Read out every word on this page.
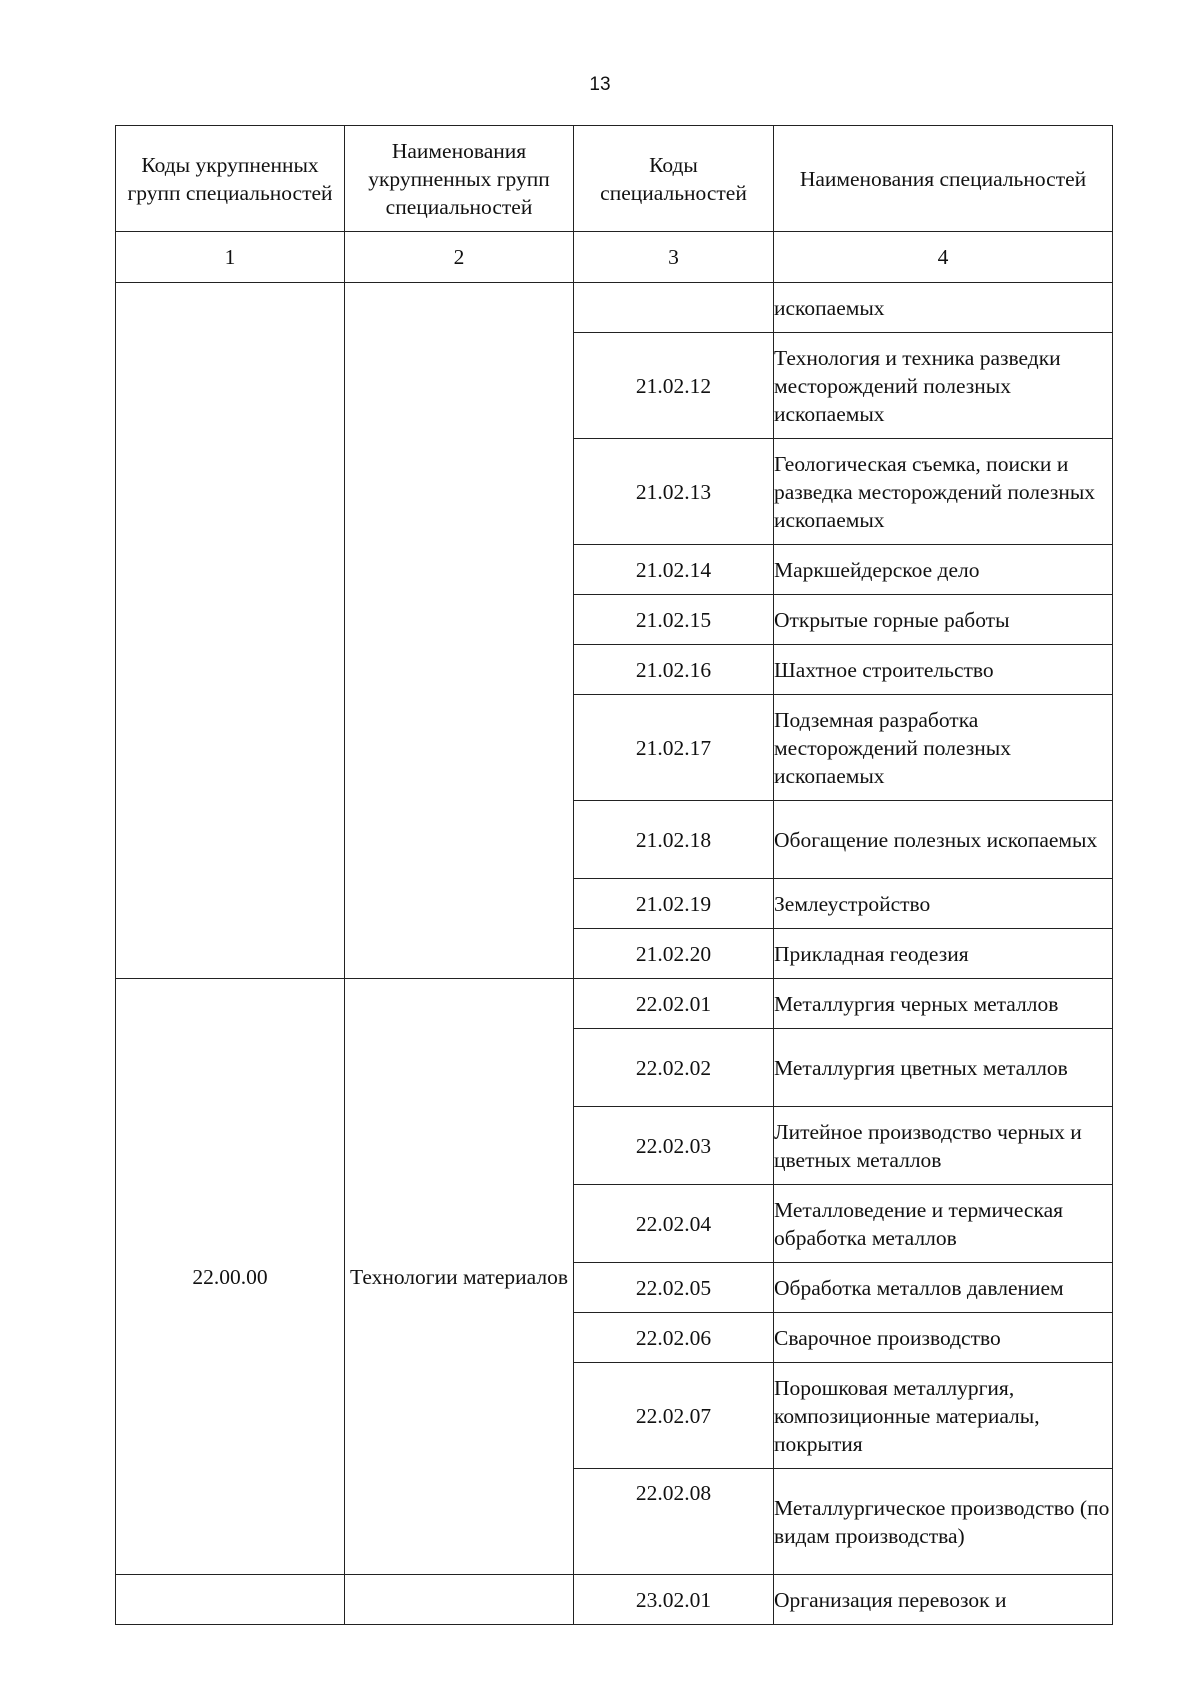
13
Коды укрупненных групп специальностей	Наименования укрупненных групп специальностей	Коды специальностей	Наименования специальностей
1	2	3	4
			ископаемых
		21.02.12	Технология и техника разведки месторождений полезных ископаемых
		21.02.13	Геологическая съемка, поиски и разведка месторождений полезных ископаемых
		21.02.14	Маркшейдерское дело
		21.02.15	Открытые горные работы
		21.02.16	Шахтное строительство
		21.02.17	Подземная разработка месторождений полезных ископаемых
		21.02.18	Обогащение полезных ископаемых
		21.02.19	Землеустройство
		21.02.20	Прикладная геодезия
22.00.00	Технологии материалов	22.02.01	Металлургия черных металлов
		22.02.02	Металлургия цветных металлов
		22.02.03	Литейное производство черных и цветных металлов
		22.02.04	Металловедение и термическая обработка металлов
		22.02.05	Обработка металлов давлением
		22.02.06	Сварочное производство
		22.02.07	Порошковая металлургия, композиционные материалы, покрытия
		22.02.08	Металлургическое производство (по видам производства)
		23.02.01	Организация перевозок и
